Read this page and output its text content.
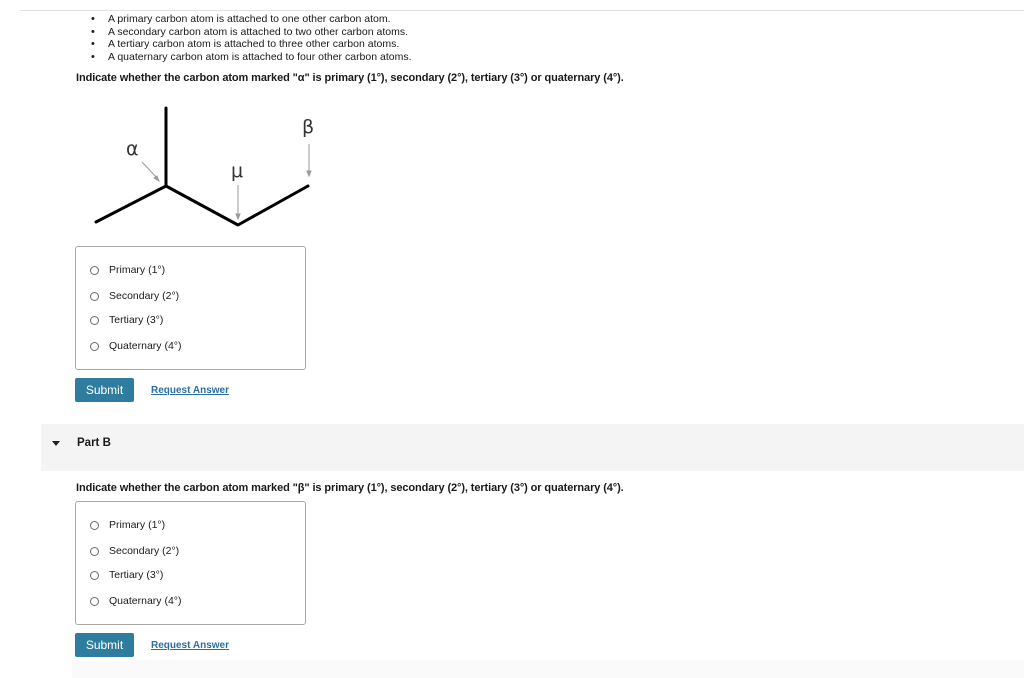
• A primary carbon atom is attached to one other carbon atom.
• A secondary carbon atom is attached to two other carbon atoms.
• A tertiary carbon atom is attached to three other carbon atoms.
• A quaternary carbon atom is attached to four other carbon atoms.
Indicate whether the carbon atom marked "α" is primary (1°), secondary (2°), tertiary (3°) or quaternary (4°).
α
μ
β
Primary (1°)
Secondary (2°)
Tertiary (3°)
Quaternary (4°)
Submit	Request Answer
Part B
Indicate whether the carbon atom marked "β" is primary (1°), secondary (2°), tertiary (3°) or quaternary (4°).
Primary (1°)
Secondary (2°)
Tertiary (3°)
Quaternary (4°)
Submit	Request Answer
